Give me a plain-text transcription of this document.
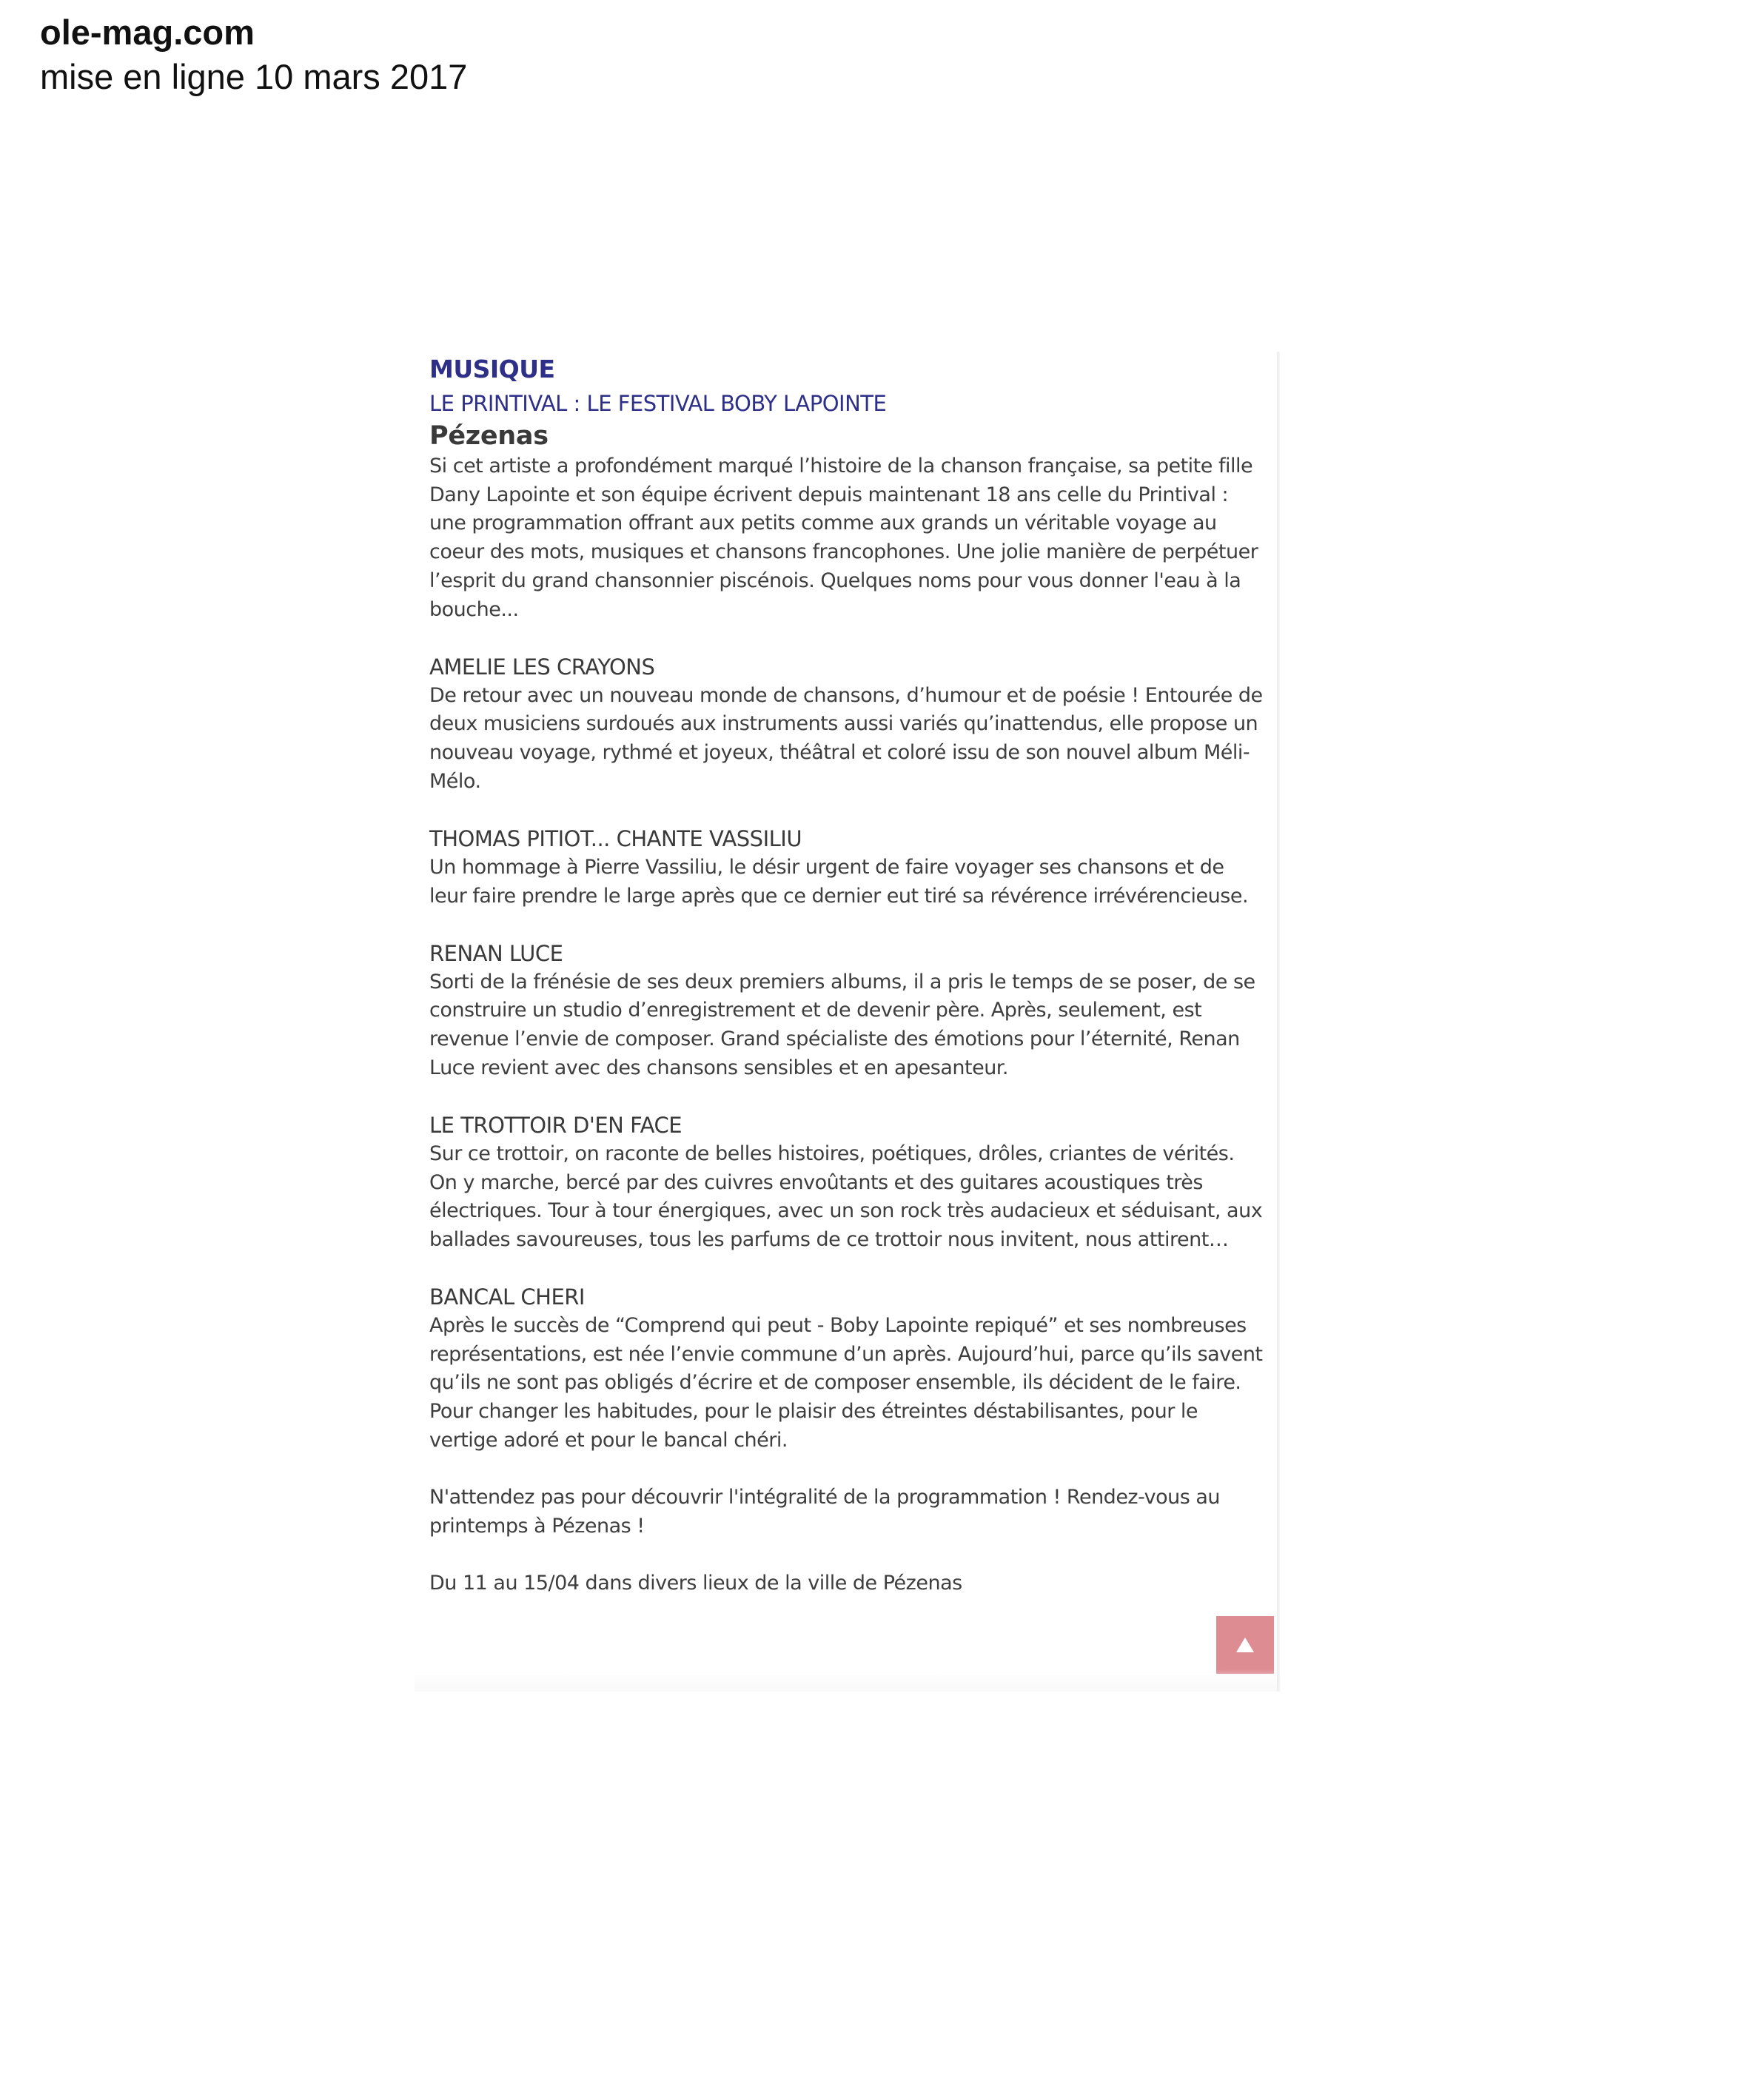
ole-mag.com
mise en ligne 10 mars 2017
MUSIQUE
LE PRINTIVAL : LE FESTIVAL BOBY LAPOINTE
Pézenas

Si cet artiste a profondément marqué l’histoire de la chanson française, sa petite fille Dany Lapointe et son équipe écrivent depuis maintenant 18 ans celle du Printival : une programmation offrant aux petits comme aux grands un véritable voyage au coeur des mots, musiques et chansons francophones. Une jolie manière de perpétuer l’esprit du grand chansonnier piscénois. Quelques noms pour vous donner l'eau à la bouche...

AMELIE LES CRAYONS
De retour avec un nouveau monde de chansons, d’humour et de poésie ! Entourée de deux musiciens surdoués aux instruments aussi variés qu’inattendus, elle propose un nouveau voyage, rythmé et joyeux, théâtral et coloré issu de son nouvel album Méli-Mélo.

THOMAS PITIOT... CHANTE VASSILIU
Un hommage à Pierre Vassiliu, le désir urgent de faire voyager ses chansons et de leur faire prendre le large après que ce dernier eut tiré sa révérence irrévérencieuse.

RENAN LUCE
Sorti de la frénésie de ses deux premiers albums, il a pris le temps de se poser, de se construire un studio d’enregistrement et de devenir père. Après, seulement, est revenue l’envie de composer. Grand spécialiste des émotions pour l’éternité, Renan Luce revient avec des chansons sensibles et en apesanteur.

LE TROTTOIR D'EN FACE
Sur ce trottoir, on raconte de belles histoires, poétiques, drôles, criantes de vérités. On y marche, bercé par des cuivres envoûtants et des guitares acoustiques très électriques. Tour à tour énergiques, avec un son rock très audacieux et séduisant, aux ballades savoureuses, tous les parfums de ce trottoir nous invitent, nous attirent…

BANCAL CHERI
Après le succès de “Comprend qui peut - Boby Lapointe repiqué” et ses nombreuses représentations, est née l’envie commune d’un après. Aujourd’hui, parce qu’ils savent qu’ils ne sont pas obligés d’écrire et de composer ensemble, ils décident de le faire. Pour changer les habitudes, pour le plaisir des étreintes déstabilisantes, pour le vertige adoré et pour le bancal chéri.

N'attendez pas pour découvrir l'intégralité de la programmation ! Rendez-vous au printemps à Pézenas !

Du 11 au 15/04 dans divers lieux de la ville de Pézenas
